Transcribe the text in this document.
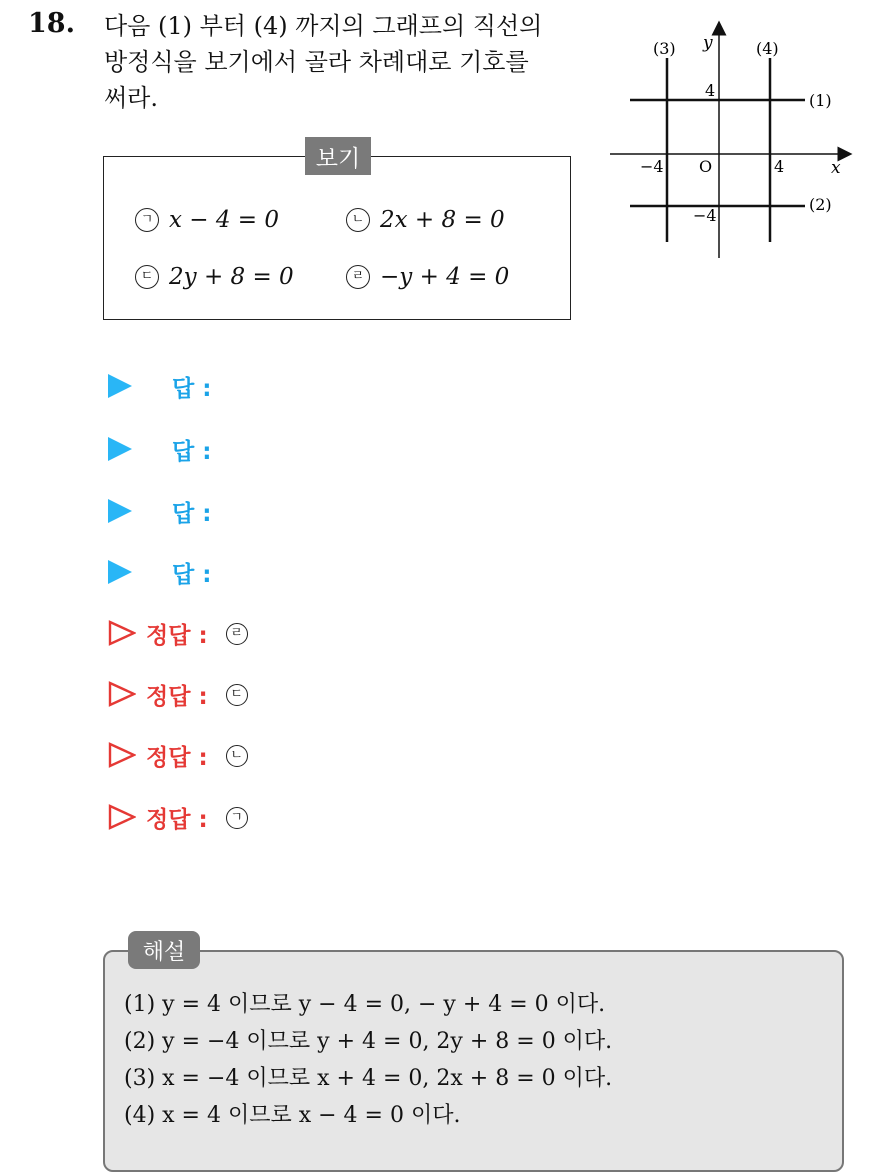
18. 다음 (1) 부터 (4) 까지의 그래프의 직선의
방정식을 보기에서 골라 차례대로 기호를
써라.
보기
ㄱ x − 4 = 0	ㄴ 2x + 8 = 0
ㄷ 2y + 8 = 0	ㄹ −y + 4 = 0
y
x
O	4
−4
4
−4
(1)
(2)
(3)	(4)
답 :
답 :
답 :
답 :
정답 :	ㄹ
정답 :	ㄷ
정답 :	ㄴ
정답 :	ㄱ
해설
(1) y = 4 이므로 y − 4 = 0, − y + 4 = 0 이다.
(2) y = −4 이므로 y + 4 = 0, 2y + 8 = 0 이다.
(3) x = −4 이므로 x + 4 = 0, 2x + 8 = 0 이다.
(4) x = 4 이므로 x − 4 = 0 이다.
